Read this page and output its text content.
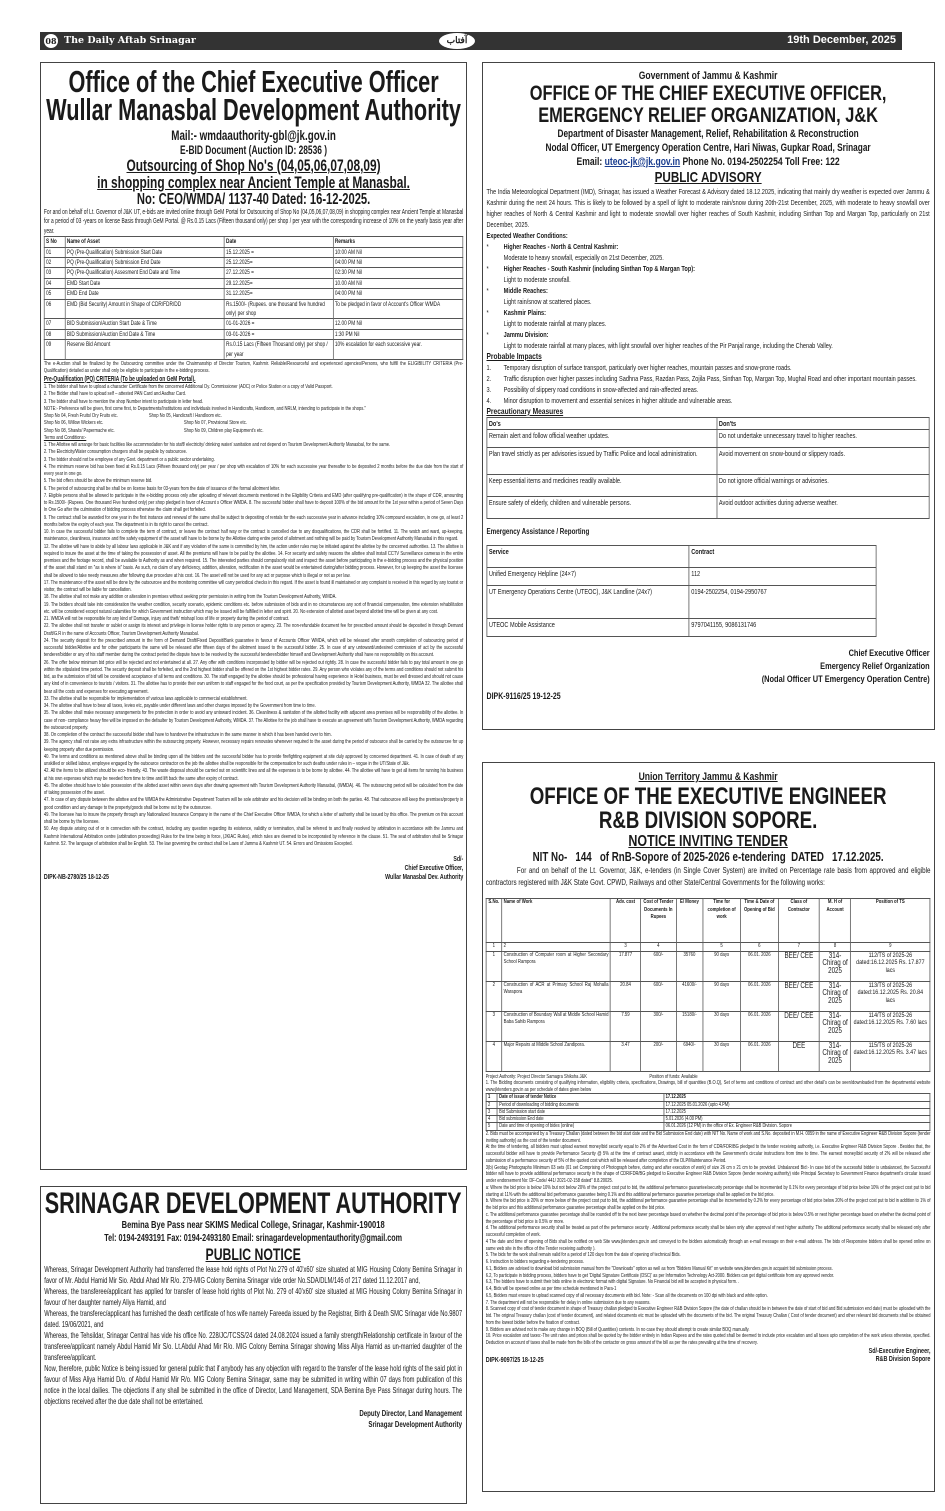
08 The Daily Aftab Srinagar	آفتاب	19th December, 2025
Office of the Chief Executive Officer
Wullar Manasbal Development Authority
Mail:- wmdaauthority-gbl@jk.gov.in
E-BID Document (Auction ID: 28536 )
Outsourcing of Shop No's (04,05,06,07,08,09)
in shopping complex near Ancient Temple at Manasbal.
No: CEO/WMDA/ 1137-40 Dated: 16-12-2025.

For and on behalf of Lt. Governor of J&K UT, e-bids are invited online through GeM Portal for Outsourcing of Shop No (04,05,06,07,08,09) in shopping complex near Ancient Temple at Manasbal for a period of 03 -years on license Basis through GeM Portal. @ Rs.0.15 Lacs (Fifteen thousand only) per shop / per year with the corresponding increase of 10% on the yearly basis year after year.

S No	Name of Asset	Date	Remarks
01	PQ (Pre-Qualification) Submission Start Date	15.12.2025 =	10:00 AM Nil
02	PQ (Pre-Qualification) Submission End Date	25.12.2025=	04:00 PM Nil
03	PQ (Pre-Qualification) Assesment End Date and Time	27.12.2025 =	02:30 PM Nil
04	EMD Start Date	29.12.2025=	10.00 AM Nil
05	EMD End Date	31.12.2025=	04:00 PM Nil
06	EMD (Bid Security) Amount in Shape of CDR/FDR/DD	Rs.1500/- (Rupees. one thousand five hundred only) per shop	To be pledged in favor of Account's Officer WMDA
07	BID Submission/Auction Start Date & Time	01-01-2026 =	12.00 PM Nil
08	BID Submission/Auction End Date & Time	03-01-2026 =	1:30 PM Nil
09	Reserve Bid Amount	Rs.0.15 Lacs (Fifteen Thousand only) per shop / per year	10% escalation for each successive year.

The e-Auction shall be finalized by the Outsourcing committee under the Chairmanship of Director Tourism, Kashmir. Reliable/Resourceful and experienced agencies/Persons, who fulfill the ELIGIBILITY CRITERIA (Pre-Qualification) detailed as under shall only be eligible to participate in the e-bidding process.

Pre-Qualification (PQ) CRITERIA (To be uploaded on GeM Portal).

1. The bidder shall have to upload a character Certificate from the concerned Additional Dy. Commissioner (ADC) or Police Station or a copy of Valid Passport.

2. The Bidder shall have to upload self – attested PAN Card and Aadhar Card.

3. The bidder shall have to mention the shop Number intent to participate in letter head.

NOTE:- Preference will be given, first come first, to Departments/Institutions and individuals involved in Handicrafts, Handloom, and NRLM, intending to participate in the shops."

Shop No 04, Fresh Fruits/ Dry Fruits etc.	Shop No 05, Handicraft / Handloom etc.
Shop No 06, Willow Wickers etc.	Shop No 07, Provisional Store etc.
Shop No 08, Shawls/ Papermache etc.	Shop No 09, Children play Equipment's etc.

Terms and Conditions:-

1. The Allottee will arrange for basic facilities like accommodation for his staff/ electricity/ drinking water/ sanitation and not depend on Tourism Development Authority Manasbal, for the same.

2. The Electricity/Water consumption chargers shall be payable by outsourcee.

3. The bidder should not be employee of any Govt. department or a public sector undertaking.

4. The minimum reserve bid has been fixed at Rs.0.15 Lacs (Fifteen thousand only) per year / per shop with escalation of 10% for each successive year thereafter to be deposited 2 months before the due date from the start of every year in one go.

5. The bid offers should be above the minimum reserve bid.

6. The period of outsourcing shall be shall be on license basis for 03-years from the date of issuance of the formal allotment letter.

7. Eligible persons shall be allowed to participate in the e-bidding process only after uploading of relevant documents mentioned in the Eligibility Criteria and EMD (after qualifying pre-qualification) in the shape of CDR, amounting to Rs.1500/- (Rupees. One thousand Five hundred only) per shop pledged in favor of Account s Officer WMDA. 8. The successful bidder shall have to deposit 100% of the bid amount for the 1st year within a period of Seven Days In One Go after the culmination of bidding process otherwise the claim shall get forfeited.

9. The contract shall be awarded for one year in the first instance and renewal of the same shall be subject to depositing of rentals for the each successive year in advance including 10% compound escalation, in one go, at least 2 months before the expiry of each year. The department is in its right to cancel the contract.

10. In case the successful bidder fails to complete the term of contract, or leaves the contract half way or the contract is cancelled due to any disqualifications, the CDR shall be fortified. 11. The watch and ward, up-keeping, maintenance, cleanliness, insurance and fire safety equipment of the asset will have to be borne by the Allottee during entire period of allotment and nothing will be paid by Tourism Development Authority Manasbal in this regard.

12. The allottee will have to abide by all labour laws applicable in J&K and if any violation of the same is committed by him, the action under rules may be initiated against the allottee by the concerned authorities. 13. The allottee is required to insure the asset at the time of taking the possession of asset. All the premiums will have to be paid by the allottee. 14. For security and safety reasons the allottee shall install CCTV Surveillance cameras in the entire premises and the footage record, shall be available to Authority as and when required. 15. The interested parties should compulsorily visit and inspect the asset before participating in the e-bidding process and the physical position of the asset shall stand on "as is where is" basis. As such, no claim of any deficiency, addition, alteration, rectification in the asset would be entertained during/after bidding process. However, for up keeping the asset the licensee shall be allowed to take needy measures after following due procedure at his cost. 16. The asset will not be used for any act or purpose which is illegal or not as per law.

17. The maintenance of the asset will be done by the outsourcee and the monitoring committee will carry periodical checks in this regard. If the asset is found ill maintained or any complaint is received in this regard by any tourist or visitor, the contract will be liable for cancellation.

18. The allottee shall not make any addition or alteration in premises without seeking prior permission in writing from the Tourism Development Authority, WMDA.

19. The bidders should take into consideration the weather condition, security scenario, epidemic conditions etc. before submission of bids and in no circumstances any sort of financial compensation, time extension rehabilitation etc. will be considered except natural calamities for which Government instruction which may be issued will be fulfilled in letter and spirit. 20. No extension of allotted asset beyond allotted time will be given at any cost.

21. WMDA will not be responsible for any kind of Damage, injury and theft/ mishap/ loss of life or property during the period of contract.

22. The allottee shall not transfer or sublet or assign its interest and privilege in license holder rights to any person or agency. 23. The non-refundable document fee for prescribed amount should be deposited in through Demand Draft/G.R in the name of Accounts Officer, Tourism Development Authority Manasbal.

24. The security deposit for the prescribed amount in the form of Demand Draft/Fixed Deposit/Bank guarantee in favour of Accounts Officer WMDA, which will be released after smooth completion of outsourcing period of successful bidder/Allottee and for other participants the same will be released after fifteen days of the allotment issued to the successful bidder. 25. In case of any untoward/undesired commission of act by the successful tenderer/bidder or any of his staff member during the contract period the dispute have to be resolved by the successful tenderer/bidder himself and Development Authority shall have no responsibility on this account.

26. The offer below minimum bid price will be rejected and not entertained at all. 27. Any offer with conditions incorporated by bidder will be rejected out rightly. 28. In case the successful bidder fails to pay total amount in one go within the stipulated time period. The security deposit shall be forfeited, and the 2nd highest bidder shall be offered on the 1st highest bidder rates. 29. Any person who violates any of the terms and conditions should not submit his bid, as the submission of bid will be considered acceptance of all terms and conditions. 30. The staff engaged by the allottee should be professional having experience in Hotel business, must be well dressed and should not cause any kind of in convenience to tourists / visitors. 31. The allottee has to provide their own uniform to staff engaged for the food court, as per the specification provided by Tourism Development Authority, WMDA 32. The allottee shall bear all the costs and expenses for executing agreement.

33. The allottee shall be responsible for implementation of various laws applicable to commercial establishment.

34. The allottee shall have to bear all taxes, levies etc, payable under different laws and other charges imposed by the Government from time to time.

35. The allottee shall make necessary arrangements for fire protection in order to avoid any untoward incident. 36. Cleanliness & sanitation of the allotted facility with adjacent area premises will be responsibility of the allottee. In case of non- compliance heavy fine will be imposed on the defaulter by Tourism Development Authority, WMDA. 37. The Allottee for the job shall have to execute an agreement with Tourism Development Authority, WMDA regarding the outsourced property.

38. On completion of the contract the successful bidder shall have to handover the infrastructure in the same manner in which it has been handed over to him.

39. The agency shall not raise any extra infrastructure within the outsourcing property. However, necessary repairs renovates whenever required to the asset during the period of outsource shall be carried by the outsourcee for up keeping property after due permission.

40. The terms and conditions as mentioned above shall be binding upon all the bidders and the successful bidder has to provide firefighting equipment at site duly approved by concerned department. 41. In case of death of any unskilled or skilled labour, employee engaged by the outsource contractor on the job the allottee shall be responsible for the compensation for such deaths under rules in – vogue in the UT/State of J&k.

42. All the items to be utilized should be eco- friendly. 43. The waste disposal should be carried out on scientific lines and all the expenses is to be borne by allottee. 44. The allottee will have to get all items for running his business at his own expenses which may be needed from time to time and lift back the same after expiry of contract.

45. The allottee should have to take possession of the allotted asset within seven days after drawing agreement with Tourism Development Authority Manasbal, (WMDA). 46. The outsourcing period will be calculated from the date of taking possession of the asset.

47. In case of any dispute between the allottee and the WMDA the Administrative Department Tourism will be sole arbitrator and his decision will be binding on both the parties. 48. That outsourcee will keep the premises/property in good condition and any damage to the property/goods shall be borne out by the outsourcee.

49. The licensee has to insure the property through any Nationalized Insurance Company in the name of the Chief Executive Officer WMDA, for which a letter of authority shall be issued by this office. The premium on this account shall be borne by the licensee.

50. Any dispute arising out of or in connection with the contract, including any question regarding its existence, validity or termination, shall be referred to and finally resolved by arbitration in accordance with the Jammu and Kashmir International Arbitration centre (arbitration proceeding) Rules for the time being in force, (JKIAC Rules), which rules are deemed to be incorporated by reference in the clause. 51. The seat of arbitration shall be Srinagar Kashmir. 52. The language of arbitration shall be English. 53. The law governing the contract shall be Laws of Jammu & Kashmir UT. 54. Errors and Omissions Excepted.

Sd/-
Chief Executive Officer,
Wullar Manasbal Dev. Authority
DIPK-NB-2780/25 18-12-25
SRINAGAR DEVELOPMENT AUTHORITY
Bemina Bye Pass near SKIMS Medical College, Srinagar, Kashmir-190018
Tel: 0194-2493191 Fax: 0194-2493180 Email: srinagardevelopmentauthority@gmail.com
PUBLIC NOTICE

Whereas, Srinagar Development Authority had transferred the lease hold rights of Plot No.279 of 40'x60' size situated at MIG Housing Colony Bemina Srinagar in favor of Mr. Abdul Hamid Mir Sio. Abdul Ahad Mir R/o. 279-MIG Colony Bemina Srinagar vide order No.SDA/DLM/146 of 217 dated 11.12.2017 and,

Whereas, the transferee/applicant has applied for transfer of lease hold rights of Plot No. 279 of 40'x60' size situated at MIG Housing Colony Bemina Srinagar in favour of her daughter namely Aliya Hamid, and

Whereas, the transferec/applicant has furnished the death certificate of hos wife namely Fareeda issued by the Registrar, Birth & Death SMC Srinagar vide No.9807 dated. 19/06/2021, and

Whereas, the Tehsildar, Srinagar Central has vide his office No. 228/JC/TCSS/24 dated 24.08.2024 issued a family strength/Relationship certificate in favour of the transferee/applicant namely Abdul Hamid Mir S/o. Lt.Abdul Ahad Mir R/o. MIG Colony Bemina Srinagar showing Miss Aliya Hamid as un-married daughter of the transferee/applicant.

Now, therefore, public Notice is being issued for general public that if anybody has any objection with regard to the transfer of the lease hold rights of the said plot in favour of Miss Aliya Hamid D/o. of Abdul Hamid Mir R/o. MIG Colony Bemina Srinagar, same may be submitted in writing within 07 days from publication of this notice in the local dailies. The objections if any shall be submitted in the office of Director, Land Management, SDA Bemina Bye Pass Srinagar during hours. The objections received after the due date shall not be entertained.

Deputy Director, Land Management
Srinagar Development Authority
Government of Jammu & Kashmir
OFFICE OF THE CHIEF EXECUTIVE OFFICER,
EMERGENCY RELIEF ORGANIZATION, J&K
Department of Disaster Management, Relief, Rehabilitation & Reconstruction
Nodal Officer, UT Emergency Operation Centre, Hari Niwas, Gupkar Road, Srinagar
Email: uteoc-jk@jk.gov.in Phone No. 0194-2502254 Toll Free: 122
PUBLIC ADVISORY

The India Meteorological Department (IMD), Srinagar, has issued a Weather Forecast & Advisory dated 18.12.2025, indicating that mainly dry weather is expected over Jammu & Kashmir during the next 24 hours. This is likely to be followed by a spell of light to moderate rain/snow during 20th-21st December, 2025, with moderate to heavy snowfall over higher reaches of North & Central Kashmir and light to moderate snowfall over higher reaches of South Kashmir, including Sinthan Top and Margan Top, particularly on 21st December, 2025.

Expected Weather Conditions:

*	Higher Reaches - North & Central Kashmir:
Moderate to heavy snowfall, especially on 21st December, 2025.
*	Higher Reaches - South Kashmir (including Sinthan Top & Margan Top):
Light to moderate snowfall.
*	Middle Reaches:
Light rain/snow at scattered places.
*	Kashmir Plains:
Light to moderate rainfall at many places.
*	Jammu Division:
Light to moderate rainfall at many places, with light snowfall over higher reaches of the Pir Panjal range, including the Chenab Valley.

Probable Impacts

1.	Temporary disruption of surface transport, particularly over higher reaches, mountain passes and snow-prone roads.
2.	Traffic disruption over higher passes including Sadhna Pass, Razdan Pass, Zojila Pass, Sinthan Top, Margan Top, Mughal Road and other important mountain passes.
3.	Possibility of slippery road conditions in snow-affected and rain-affected areas.
4.	Minor disruption to movement and essential services in higher altitude and vulnerable areas.

Precautionary Measures

Do's	Don'ts
Remain alert and follow official weather updates.	Do not undertake unnecessary travel to higher reaches.
Plan travel strictly as per advisories issued by Traffic Police and local administration.	Avoid movement on snow-bound or slippery roads.
Keep essential items and medicines readily available.	Do not ignore official warnings or advisories.
Ensure safety of elderly, children and vulnerable persons.	Avoid outdoor activities during adverse weather.

Emergency Assistance / Reporting

Service	Contract
Unified Emergency Helpline (24×7)	112
UT Emergency Operations Centre (UTEOC), J&K Landline (24x7)	0194-2502254, 0194-2950767
UTEOC Mobile Assistance	9797041155, 9086131746
Chief Executive Officer
Emergency Relief Organization
(Nodal Officer UT Emergency Operation Centre)
DIPK-9116/25 19-12-25
Union Territory Jammu & Kashmir
OFFICE OF THE EXECUTIVE ENGINEER
R&B DIVISION SOPORE.
NOTICE INVITING TENDER
NIT No-   144   of RnB-Sopore of 2025-2026 e-tendering  DATED   17.12.2025.

For and on behalf of the Lt. Governor, J&K, e-tenders (in Single Cover System) are invited on Percentage rate basis from approved and eligible contractors registered with J&K State Govt. CPWD, Railways and other State/Central Governments for the following works:

S.No.	Name of Work	Adv. cost	Cost of Tender Documents In Rupees	E/ Money	Time for completion of work	Time & Date of Opening of Bid	Class of Contractor	M. H of Account	Position of TS
1	2	3	4		5	6	7	8	9
1	Construction of Computer room at Higher Secondary School Rampora	17.877	600/-	35760	90 days	06.01. 2026	BEE/ CEE	314-Chirag of 2025	112/TS of 2025-26 dated:16.12.2025 Rs. 17.877 lacs
2	Construction of ACR at Primary School Raj Mohalla Warapora	20.84	600/-	41600/-	90 days	06.01. 2026	BEE/ CEE	314-Chirag of 2025	113/TS of 2025-26 dated:16.12.2025 Rs. 20.84 lacs
3	Construction of Boundary Wall at Middle School Hamid Baba Sahib Rampora	7.59	300/-	15180/-	30 days	06.01. 2026	DEE/ CEE	314-Chirag of 2025	114/TS of 2025-26 dated:16.12.2025 Rs. 7.60 lacs
4	Major Repairs at Middle School Zandipora.	3.47	200/-	6940/-	30 days	06.01. 2026	DEE	314-Chirag of 2025	115/TS of 2025-26 dated:16.12.2025 Rs. 3.47 lacs

Project Authority: Project Director Samagra Shiksha J&K	Position of funds: Available

1. The Bidding documents consisting of qualifying information, eligibility criteria, specifications, Drawings, bill of quantities (B.O.Q), Set of terms and conditions of contract and other detail's can be seen/downloaded from the departmental website www.jktenders.gov.in as per schedule of dates given below

1	Date of issue of tender Notice	17.12.2025
2	Period of downloading of bidding documents	17.12.2025 05.01.2026 (upto 4.PM)
3	Bid Submission start date	17.12.2025
4	Bid submission End date	5.01.2026 (4.00 PM)
5	Date and time of opening of bides (online)	06.01.2026 (12 PM) in the office of Ex. Engineer R&B Division. Sopore

2. Bids must be accompanied by a Treasury Challan (dated between the bid start date and the Bid Submission End date) with NIT No. Name of work and S.No. deposited in M.H. 0059 in the name of Executive Engineer R&B Division Sopore (tender inviting authority) as the cost of the tender document.

At the time of tendering, all bidders must upload earnest money/bid security equal to 2% of the Advertised Cost in the form of CDR/FDR/BG pledged to the tender receiving authority, i.e. Executive Engineer R&B Division Sopore . Besides that, the successful bidder will have to provide Performance Security @ 5% at the time of contract award, strictly in accordance with the Government's circular instructions from time to time. The earnest money/bid security of 2% will be released after submission of a performance security of 5% of the quoted cost which will be released after completion of the DLP/Maintenance Period.

3(b) Geotag Photographs Minimum 03 sets (01 set Comprising of Photograph before, during and after execution of work) of size 26 cm x 21 cm to be provided. Unbalanced Bid:- In case bid of the successful bidder is unbalanced, the Successful bidder will have to provide additional performance security in the shape of CDR/FDR/BG pledged to Executive Engineer R&B Division Sopore (tender receiving authority) vide Principal Secretary to Government Finance department's circular issued under endorsement No: DF-Code/ 441/ 2021-02-158 dated" 8.8.20025.

a: Where the bid price is below 10% but not below 20% of the project cost put to bid, the additional performance guarantee/security percentage shall be incremented by 0.1% for every percentage of bid price below 10% of the project cost put to bid starting at 11% with the additional bid performance guarantee being 0.1% and this additional performance guarantee percentage shall be applied on the bid price.

b. Where the bid price is 20% or more below of the project cost put to bid, the additional performance guarantee percentage shall be incremented by 0.2% for every percentage of bid price below 20% of the project cost put to bid in addition to 1% of the bid price and this additional performance guarantee percentage shall be applied on the bid price.

c. The additional performance guarantee percentage shall be rounded off to the next lower percentage based on whether the decimal point of the percentage of bid price is below 0.5% or next higher percentage based on whether the decimal point of the percentage of bid price is 0.5% or more.

d. The additional performance security shall be treated as part of the performance security . Additional performance security shall be taken only after approval of next higher authority. The additional performance security shall be released only after successful completion of work.

4 The date and time of opening of Bids shall be notified on web Site www.jktenders.gov.in and conveyed to the bidders automatically through an e-mail message on their e-mail address. The bids of Responsive bidders shall be opened online on same web site in the office of the Tender receiving authority ).

5. The bids for the work shall remain valid for a period of 120 days from the date of opening of technical Bids.

6. Instruction to bidders regarding e-tendering process.

6.1, Bidders are advised to download bid submission manual from the "Downloads" option as well as from "Bidders Manual Kit" on website www.jktenders.gov.in acquaint bid submission process.

6.2, To participate in bidding process, bidders have to get 'Digital Signature Certificate (DSC)' as per Information Technology Act-2000. Bidders can get digital certificate from any approved vendor.

6.3, The bidders have to submit their bids online in electronic format with digital Signature. No Financial bid will be accepted in physical form. .

6.4, Bids will be opened online as per time schedule mentioned in Para-1

6.5, Bidders must ensure to upload scanned copy of all necessary documents with bid. Note: - Scan all the documents on 100 dpi with black and white option.

7. The department will not be responsible for delay in online submission due to any reasons.

8. Scanned copy of cost of tender document in shape of Treasury challan pledged to Executive Engineer R&B Division Sopore (the date of challan should be in between the date of start of bid and Bid submission end date) must be uploaded with the bid. The original Treasury challan (cost of tender document), and related documents etc must be uploaded with the documents of the bid. The original Treasury Challan ( Cost of tender document) and other relevant bid documents shall be obtained from the lowest bidder before the fixation of contract.

9. Bidders are advised not to make any change in BOQ (Bill of Quantities) contents. In no case they should attempt to create similar BOQ manually.

10. Price escalation and taxes:-The unit rates and prices shall be quoted by the bidder entirely in Indian Rupees and the rates quoted shall be deemed to include price escalation and all taxes upto completion of the work unless otherwise, specified. Deduction on account of taxes shall be made from the bills of the contactor on gross amount of the bill as per the rates prevailing at the time of recovery.

Sd/-Executive Engineer,
R&B Division Sopore
DIPK-9097/25 18-12-25
